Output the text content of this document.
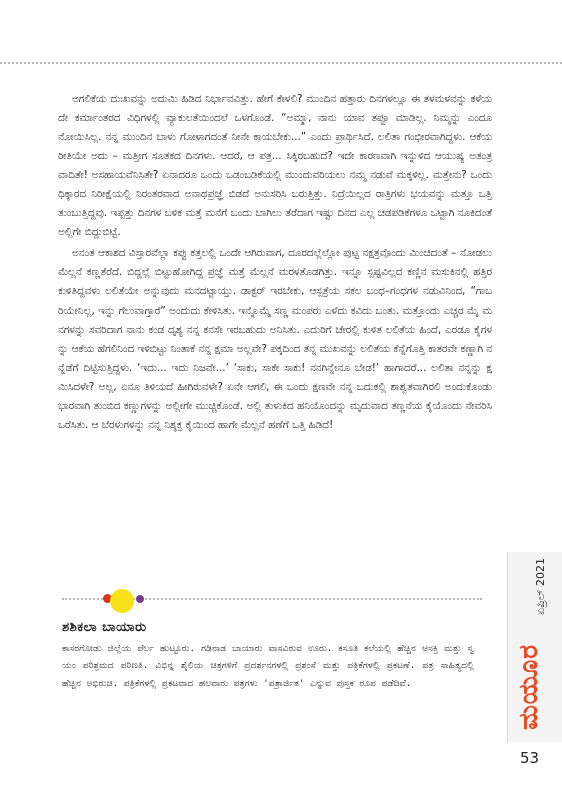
ಅಗಲಿಕೆಯ ದುಃಖವನ್ನು ಅದುಮಿ ಹಿಡಿದ ನಿರ್ಭಾವವಿತ್ತು. ಹೇಗೆ ಕೇಳಲಿ? ಮುಂದಿನ ಹತ್ತಾರು ದಿನಗಳಲ್ಲೂ ಈ ತಳಮಳವನ್ನು ಕಳೆಯದೇ ಕರ್ಮಾಂತರದ ವಿಧಿಗಳಲ್ಲಿ ವ್ಯಾಕುಲತೆಯಿಂದಲೆ ಒಳಗೊಂಡೆ. “ಅಮ್ಮಾ, ನಾನು ಯಾವ ತಪ್ಪೂ ಮಾಡಿಲ್ಲ. ನಿಮ್ಮನ್ನು ಎಂದೂ ನೋಯಿಸಿಲ್ಲ. ನನ್ನ ಮುಂದಿನ ಬಾಳು ಗೋಳಾಗದಂತೆ ನೀನೇ ಕಾಯಬೇಕು...” ಎಂದು ಪ್ರಾರ್ಥಿಸಿದೆ. ಲಲಿತಾ ಗಂಭೀರವಾಗಿದ್ದಳು. ಆಕೆಯ ರೀತಿಯೇ ಅದು – ಮತ್ತೀಗ ಸೂತಕದ ದಿನಗಳು. ಆದರೆ, ಆ ಪತ್ರ... ಸಿಕ್ಕಿರಬಹುದೆ? ಇದೇ ಕಾರಣವಾಗಿ ಇನ್ನುಳಿದ ಆಯುಷ್ಯ ಅತಂತ್ರವಾದಿತೇ! ಅಸಹಾಯವೆನಿಸಿತೇ? ಏನಾದರೂ ಒಂದು ಒಡಂಬಡಿಕೆಯಲ್ಲಿ ಮುಂದುವರಿಯಲು ನಮ್ಮ ನಡುವೆ ಮಕ್ಕಳಿಲ್ಲ. ಮತ್ತೇನು? ಒಂದು ಧಿಕ್ಕಾರದ ನಿರೀಕ್ಷೆಯಲ್ಲಿ ನಿರಂತರವಾದ ಅನಾಥಪ್ರಜ್ಞೆ ಬಿಡದೆ ಅನುಸರಿಸಿ ಬರುತ್ತಿತ್ತು. ನಿದ್ರೆಯಿಲ್ಲದ ರಾತ್ರಿಗಳು ಭಯವನ್ನು ಮತ್ತೂ ಒತ್ತಿ ತುಂಬುತ್ತಿದ್ದವು. ಇಪ್ಪತ್ತು ದಿನಗಳ ಬಳಿಕ ಮತ್ತೆ ಮನೆಗೆ ಬಂದು ಬಾಗಿಲು ತೆರೆದಾಗ ಇಷ್ಟು ದಿನದ ಎಲ್ಲ ಚಡಪಡಿಕೆಗಳೂ ಒಟ್ಟಾಗಿ ನೂಕಿದಂತೆ ಅಲ್ಲಿಗೇ ಬಿದ್ದುಬಿಟ್ಟೆ.

ಅನಂತ ಆಕಾಶದ ವಿಸ್ತಾರವೆಲ್ಲಾ ಕಪ್ಪು ಕತ್ತಲಲ್ಲಿ ಒಂದೇ ಆಗಿರುವಾಗ, ದೂರದಲ್ಲೆಲ್ಲೋ ಪುಟ್ಟ ನಕ್ಷತ್ರವೊಂದು ಮಿಂಚಿದಂತೆ – ನೋಡಲು ಮೆಲ್ಲನೆ ಕಣ್ಣತೆರೆದೆ. ಬಿದ್ದಲ್ಲೆ ಬಿಟ್ಟುಹೋಗಿದ್ದ ಪ್ರಜ್ಞೆ ಮತ್ತೆ ಮೆಲ್ಲನೆ ಮರಳತೊಡಗಿತ್ತು. ಇನ್ನೂ ಸ್ಪಷ್ಟವಿಲ್ಲದ ಕಣ್ಣಿನ ಮಸುಕಿನಲ್ಲಿ ಹತ್ತಿರ ಕುಳಿತಿದ್ದವಳು ಲಲಿತೆಯೇ ಅನ್ನುವುದು ಮನದಟ್ಟಾಯ್ತು. ಡಾಕ್ಟರ್ ಇರಬೇಕು, ಆಸ್ಪತ್ರೆಯ ಸಕಲ ಬಂಧ–ಗಂಧಗಳ ನಡುವಿನಿಂದ, “ಗಾಬರಿಯೇನಿಲ್ಲ, ಇನ್ನು ಗೆಲುವಾಗ್ತಾರೆ” ಅಂದುದು ಕೇಳಿಸಿತು. ಇನ್ನೊಮ್ಮೆ ಸಣ್ಣ ಮಂಪರು ಎಳೆದು ಕವಿದು ಬಂತು. ಮತ್ತೊಂದು ಎಚ್ಚರ ಮೈ ಮನಗಳನ್ನು ಸವರಿದಾಗ ನಾನು ಕಂಡ ದೃಶ್ಯ ನನ್ನ ಕನಸೇ ಇರಬಹುದು ಅನಿಸಿತು. ಎದುರಿಗೆ ಚೇರಲ್ಲಿ ಕುಳಿತ ಲಲಿತೆಯ ಹಿಂದೆ, ಎರಡೂ ಕೈಗಳನ್ನು ಆಕೆಯ ಹೆಗಲಿನಿಂದ ಇಳಿಬಿಟ್ಟು ನಿಂತಾಕೆ ನನ್ನ ಕ್ಷಮಾ ಅಲ್ಲವೇ? ಪಕ್ಕದಿಂದ ತನ್ನ ಮುಖವನ್ನು ಲಲಿತೆಯ ಕೆನ್ನೆಗೊತ್ತಿ ಕಾತರವೇ ಕಣ್ಣಾಗಿ ನನ್ನೆಡೆಗೆ ದಿಟ್ಟಿಸುತ್ತಿದ್ದಳು. ‘ಇದು... ಇದು ನಿಜವೇ...’ ‘ಸಾಕು, ಸಾಕೇ ಸಾಕು! ನನಗಿನ್ನೇನೂ ಬೇಡ!’ ಹಾಗಾದರೆ... ಲಲಿತಾ ನನ್ನನ್ನು ಕ್ಷಮಿಸಿದಳೇ? ಅಲ್ಲ, ಏನೂ ತಿಳಿಯದೆ ಹೀಗಿರುವಳೇ? ಏನೇ ಆಗಲಿ, ಈ ಒಂದು ಕ್ಷಣವೇ ನನ್ನ ಬದುಕಲ್ಲಿ ಶಾಶ್ವತವಾಗಿರಲಿ ಅಂದುಕೊಂಡು ಭಾರವಾಗಿ ತುಂಬಿದ ಕಣ್ಣುಗಳನ್ನು ಅಲ್ಲೀಗೇ ಮುಚ್ಚಿಕೊಂಡೆ. ಅಲ್ಲಿ ತುಳುಕಿದ ಹನಿಯೊಂದನ್ನು ಮೃದುವಾದ ತಣ್ಣನೆಯ ಕೈಯೊಂದು ನೇವರಿಸಿ ಒರೆಸಿತು. ಆ ಬೆರಳುಗಳನ್ನು ನನ್ನ ನಿಶ್ಶಕ್ತ ಕೈಯಿಂದ ಹಾಗೇ ಮೆಲ್ಲನೆ ಹಣೆಗೆ ಒತ್ತಿ ಹಿಡಿದೆ!

ಶಶಿಕಲಾ ಬಾಯಾರು
ಕಾಸರಗೋಡು ಜಿಲ್ಲೆಯ ಪೆರ್ಲ ಹುಟ್ಟೂರು. ಗಡಿನಾಡ ಬಾಯಾರು ವಾಸವಿರುವ ಊರು. ಕಸೂತಿ ಕಲೆಯಲ್ಲಿ ಹೆಚ್ಚಿನ ಆಸಕ್ತಿ ಮತ್ತು ಸ್ವಯಂ ಪರಿಶ್ರಮದ ಪರಿಣತಿ. ವಿಭಿನ್ನ ಶೈಲಿಯ ಚಿತ್ರಗಳಿಗೆ ಪ್ರದರ್ಶನಗಳಲ್ಲಿ ಪ್ರಶಂಸೆ ಮತ್ತು ಪತ್ರಿಕೆಗಳಲ್ಲಿ ಪ್ರಕಟಣೆ. ಪತ್ರ ಸಾಹಿತ್ಯದಲ್ಲಿ ಹೆಚ್ಚಿನ ಅಭಿರುಚಿ. ಪತ್ರಿಕೆಗಳಲ್ಲಿ ಪ್ರಕಟವಾದ ಹಲವಾರು ಪತ್ರಗಳು 'ಪತ್ರಾರ್ಜಿತ' ಎನ್ನುವ ಪುಸ್ತಕ ರೂಪ ಪಡೆದಿವೆ.
ಏಪ್ರಿಲ್ 2021
ಮಯೂರ
53
